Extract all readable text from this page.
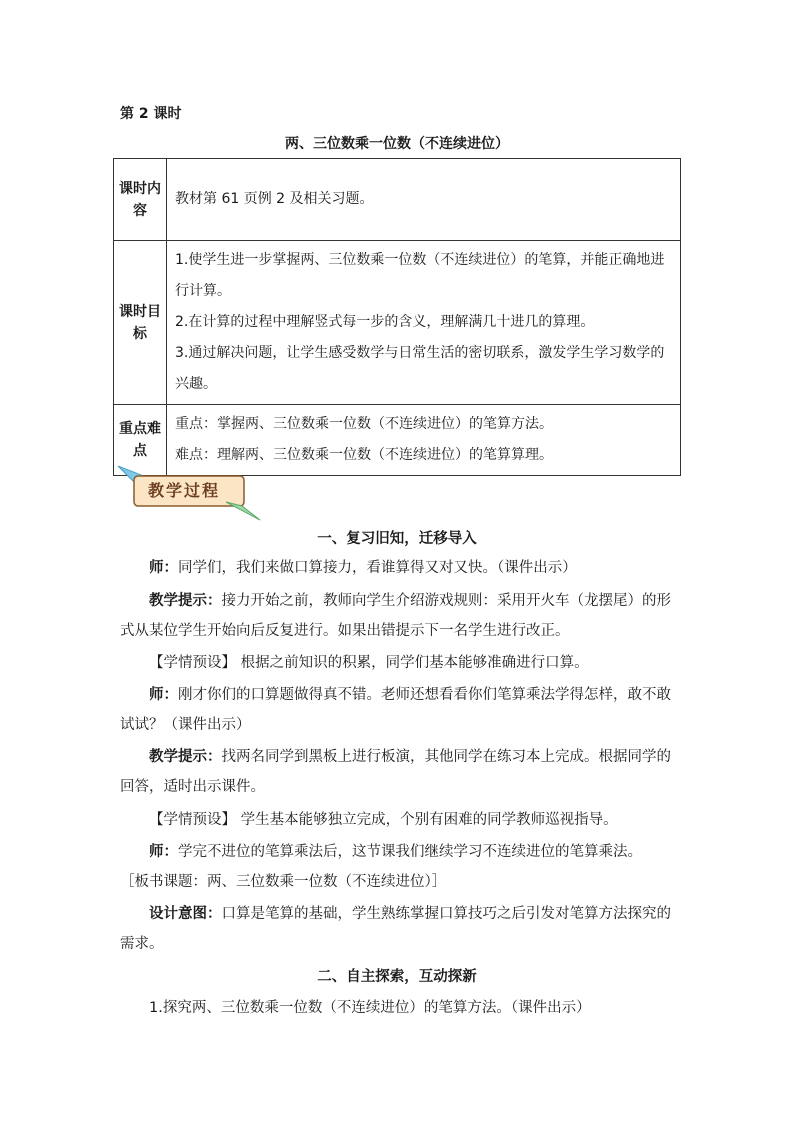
第 2 课时
两、三位数乘一位数（不连续进位）
课时内容	教材第 61 页例 2 及相关习题。
课时目标	1.使学生进一步掌握两、三位数乘一位数（不连续进位）的笔算，并能正确地进行计算。
2.在计算的过程中理解竖式每一步的含义，理解满几十进几的算理。
3.通过解决问题，让学生感受数学与日常生活的密切联系，激发学生学习数学的兴趣。

重点难点	重点：掌握两、三位数乘一位数（不连续进位）的笔算方法。
难点：理解两、三位数乘一位数（不连续进位）的笔算算理。
教学过程
一、复习旧知，迁移导入
师：同学们，我们来做口算接力，看谁算得又对又快。（课件出示）
教学提示：接力开始之前，教师向学生介绍游戏规则：采用开火车（龙摆尾）的形式从某位学生开始向后反复进行。如果出错提示下一名学生进行改正。
【学情预设】 根据之前知识的积累，同学们基本能够准确进行口算。
师：刚才你们的口算题做得真不错。老师还想看看你们笔算乘法学得怎样，敢不敢试试？（课件出示）
教学提示：找两名同学到黑板上进行板演，其他同学在练习本上完成。根据同学的回答，适时出示课件。
【学情预设】 学生基本能够独立完成，个别有困难的同学教师巡视指导。
师：学完不进位的笔算乘法后，这节课我们继续学习不连续进位的笔算乘法。
［板书课题：两、三位数乘一位数（不连续进位）］
设计意图：口算是笔算的基础，学生熟练掌握口算技巧之后引发对笔算方法探究的需求。
二、自主探索，互动探新
1.探究两、三位数乘一位数（不连续进位）的笔算方法。（课件出示）
